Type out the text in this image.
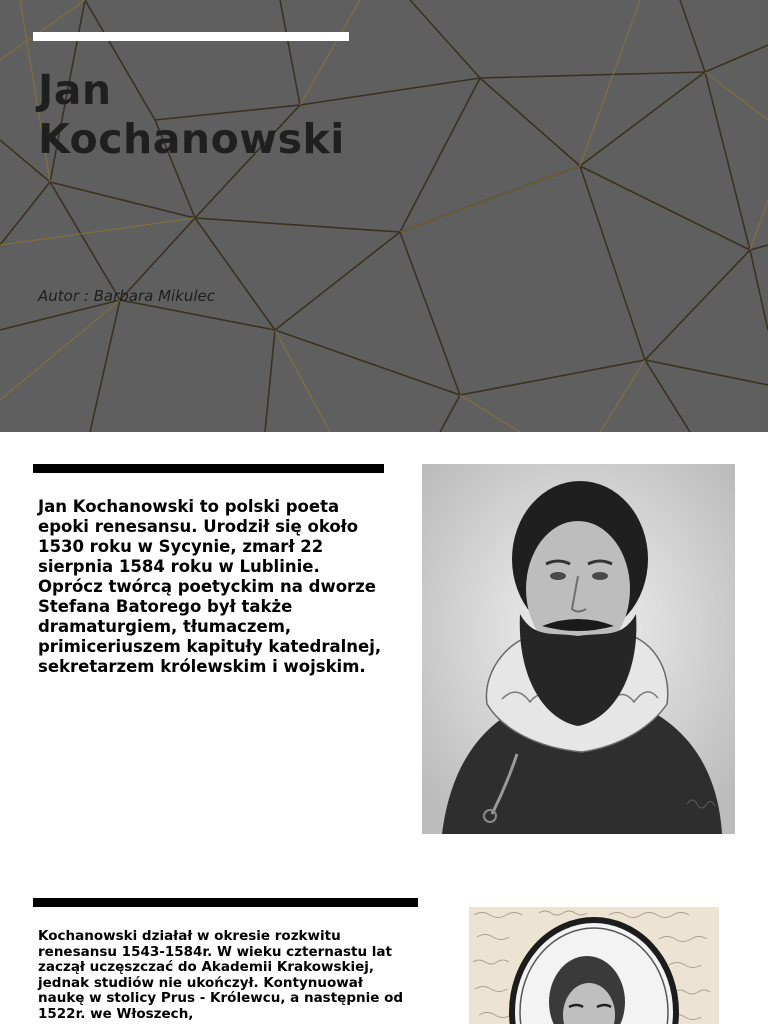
Jan
Kochanowski
Autor : Barbara Mikulec

Jan Kochanowski to polski poeta epoki renesansu. Urodził się około 1530 roku w Sycynie, zmarł 22 sierpnia 1584 roku w Lublinie. Oprócz twórcą poetyckim na dworze Stefana Batorego był także dramaturgiem, tłumaczem, primiceriuszem kapituły katedralnej, sekretarzem królewskim i wojskim.

Kochanowski działał w okresie rozkwitu renesansu 1543-1584r. W wieku czternastu lat zaczął uczęszczać do Akademii Krakowskiej, jednak studiów nie ukończył. Kontynuował naukę w stolicy Prus - Królewcu, a następnie od 1522r. we Włoszech,
